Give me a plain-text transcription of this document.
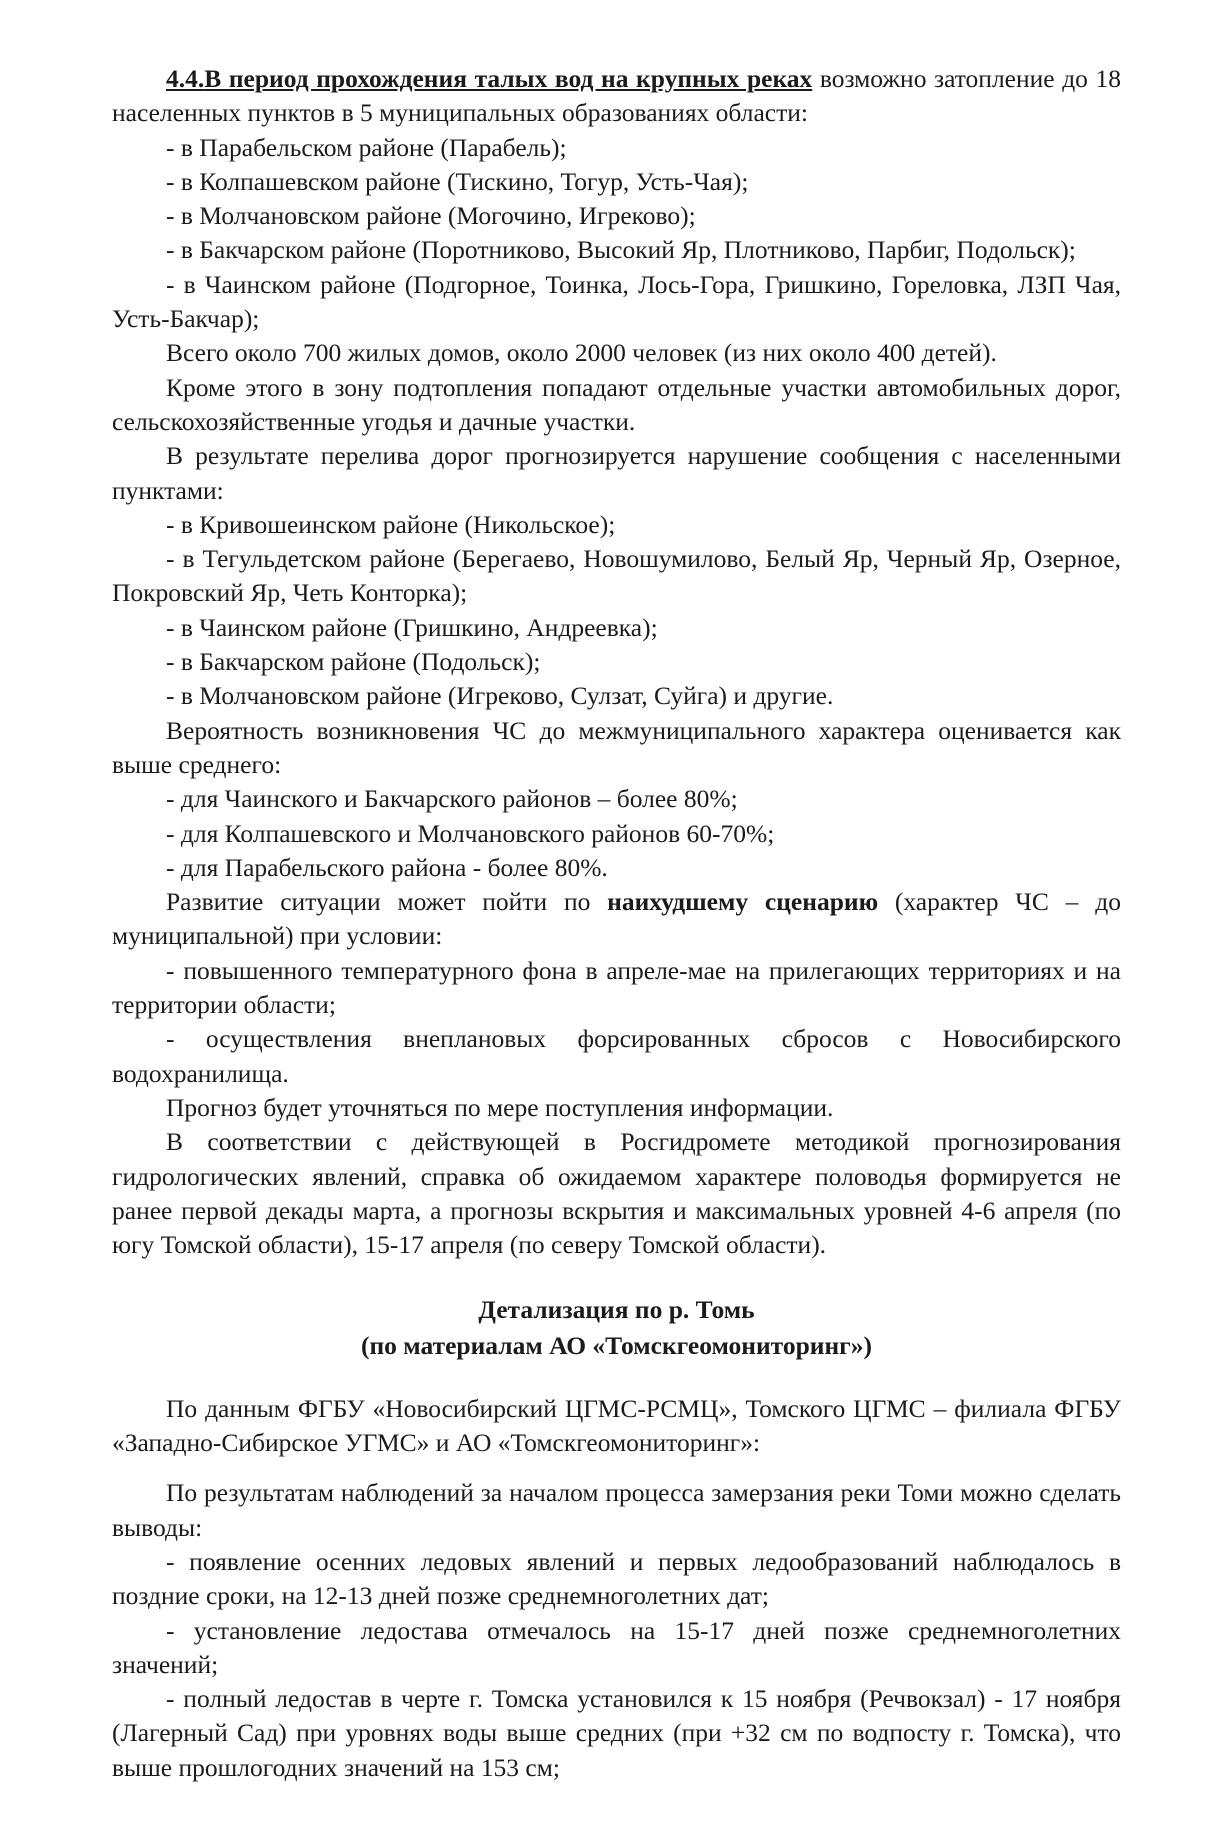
4.4.В период прохождения талых вод на крупных реках возможно затопление до 18 населенных пунктов в 5 муниципальных образованиях области:

- в Парабельском районе (Парабель);

- в Колпашевском районе (Тискино, Тогур, Усть-Чая);

- в Молчановском районе (Могочино, Игреково);

- в Бакчарском районе (Поротниково, Высокий Яр, Плотниково, Парбиг, Подольск);

- в Чаинском районе (Подгорное, Тоинка, Лось-Гора, Гришкино, Гореловка, ЛЗП Чая, Усть-Бакчар);

Всего около 700 жилых домов, около 2000 человек (из них около 400 детей).

Кроме этого в зону подтопления попадают отдельные участки автомобильных дорог, сельскохозяйственные угодья и дачные участки.

В результате перелива дорог прогнозируется нарушение сообщения с населенными пунктами:

- в Кривошеинском районе (Никольское);

- в Тегульдетском районе (Берегаево, Новошумилово, Белый Яр, Черный Яр, Озерное, Покровский Яр, Четь Конторка);

- в Чаинском районе (Гришкино, Андреевка);

- в Бакчарском районе (Подольск);

- в Молчановском районе (Игреково, Сулзат, Суйга) и другие.

Вероятность возникновения ЧС до межмуниципального характера оценивается как выше среднего:

- для Чаинского и Бакчарского районов – более 80%;

- для Колпашевского и Молчановского районов 60-70%;

- для Парабельского района - более 80%.

Развитие ситуации может пойти по наихудшему сценарию (характер ЧС – до муниципальной) при условии:

- повышенного температурного фона в апреле-мае на прилегающих территориях и на территории области;

- осуществления внеплановых форсированных сбросов с Новосибирского водохранилища.

Прогноз будет уточняться по мере поступления информации.

В соответствии с действующей в Росгидромете методикой прогнозирования гидрологических явлений, справка об ожидаемом характере половодья формируется не ранее первой декады марта, а прогнозы вскрытия и максимальных уровней 4-6 апреля (по югу Томской области), 15-17 апреля (по северу Томской области).

Детализация по р. Томь

(по материалам АО «Томскгеомониторинг»)

По данным ФГБУ «Новосибирский ЦГМС-РСМЦ», Томского ЦГМС – филиала ФГБУ «Западно-Сибирское УГМС» и АО «Томскгеомониторинг»:

По результатам наблюдений за началом процесса замерзания реки Томи можно сделать выводы:

- появление осенних ледовых явлений и первых ледообразований наблюдалось в поздние сроки, на 12-13 дней позже среднемноголетних дат;

- установление ледостава отмечалось на 15-17 дней позже среднемноголетних значений;

- полный ледостав в черте г. Томска установился к 15 ноября (Речвокзал) - 17 ноября (Лагерный Сад) при уровнях воды выше средних (при +32 см по водпосту г. Томска), что выше прошлогодних значений на 153 см;
